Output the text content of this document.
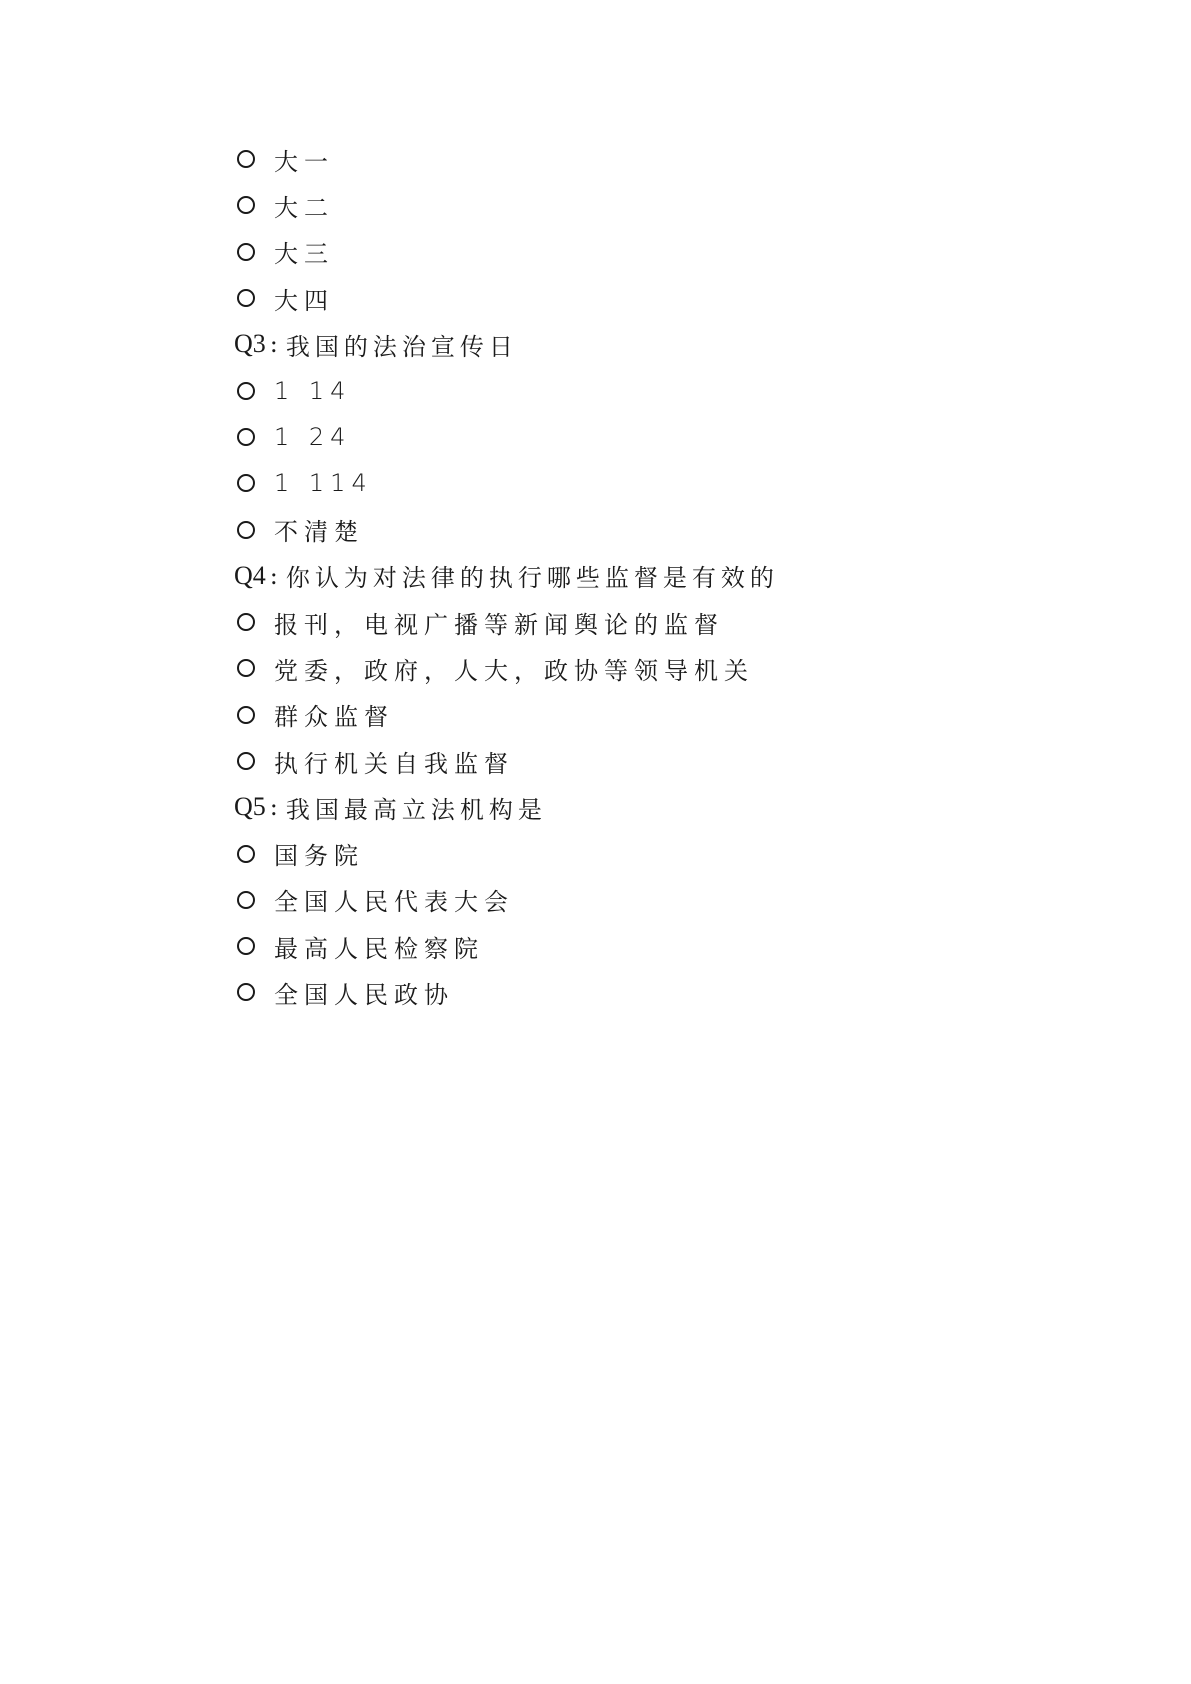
大一
大二
大三
大四
Q3 : 我国的法治宣传日
1 14
1 24
1 114
不清楚
Q4 : 你认为对法律的执行哪些监督是有效的
报刊，电视广播等新闻舆论的监督
党委，政府，人大，政协等领导机关
群众监督
执行机关自我监督
Q5 : 我国最高立法机构是
国务院
全国人民代表大会
最高人民检察院
全国人民政协
